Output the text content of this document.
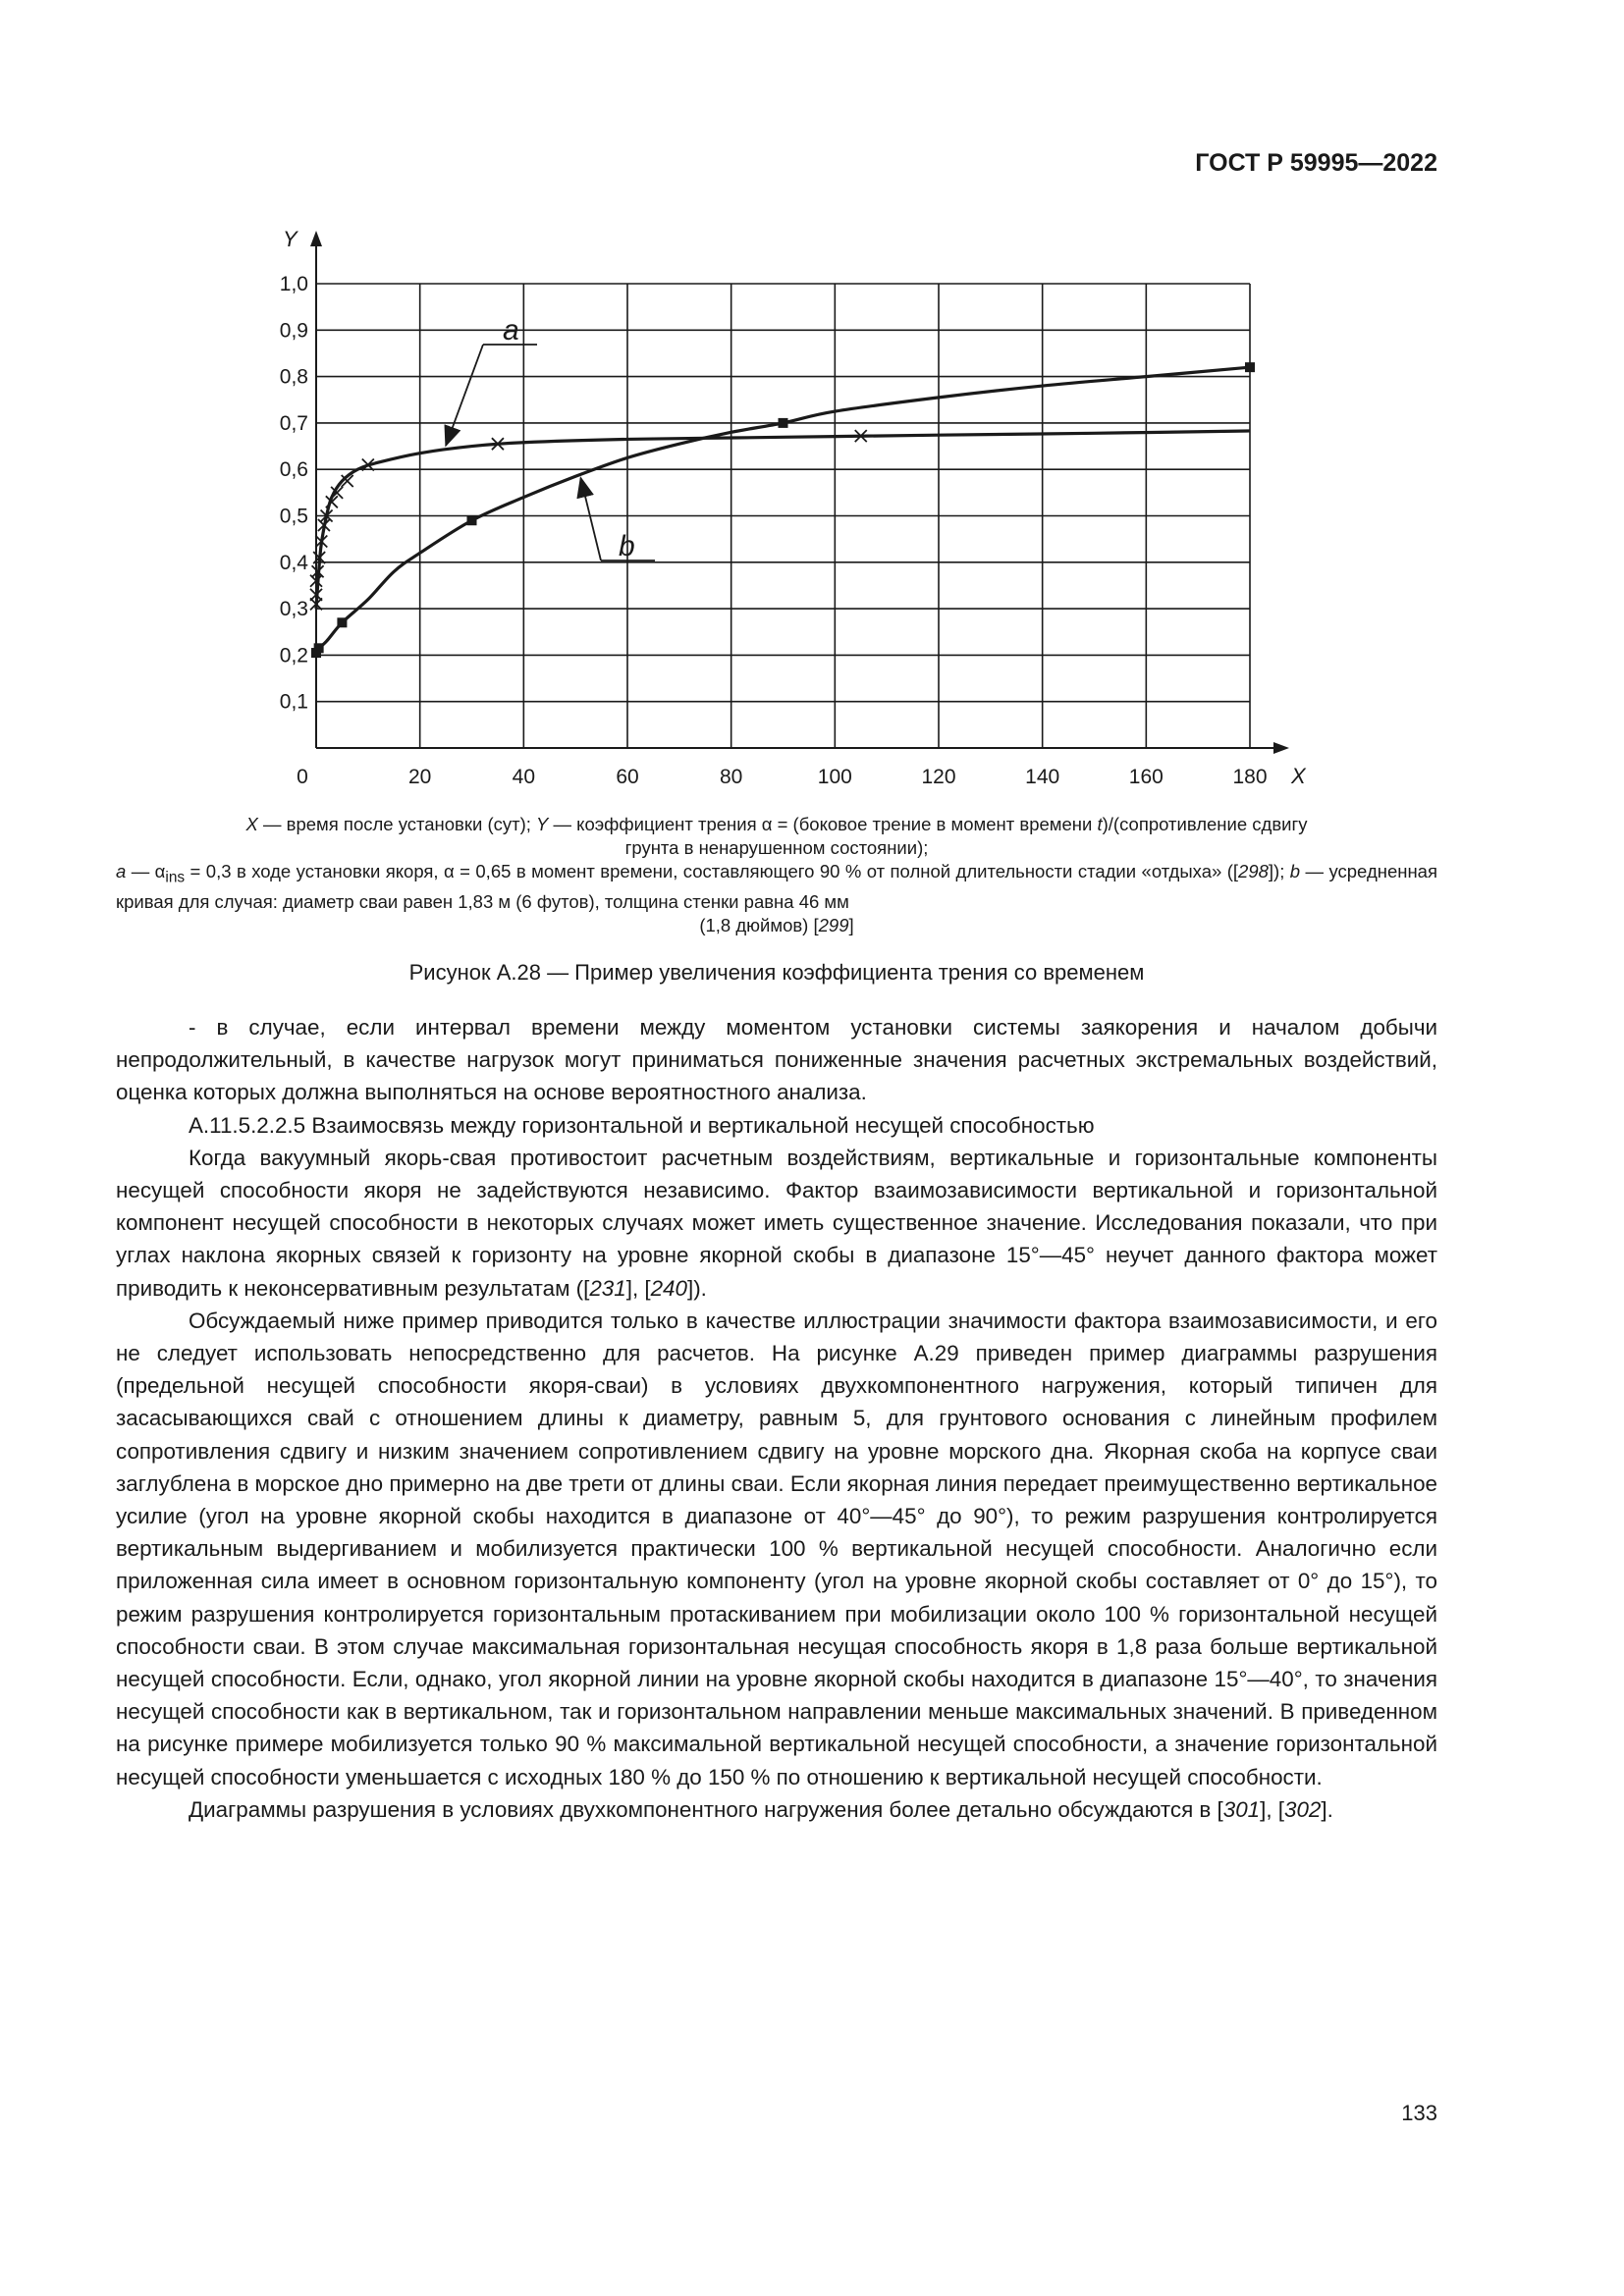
ГОСТ Р 59995—2022
0	20	40	60	80	100	120	140	160	180
0,1
0,2
0,3
0,4
0,5
0,6
0,7
0,8
0,9
1,0
X
Y
a
b
X — время после установки (сут); Y — коэффициент трения α = (боковое трение в момент времени t)/(сопротивление сдвигу
грунта в ненарушенном состоянии);
a — $\alpha_{ins} = 0,3$ в ходе установки якоря, α = 0,65 в момент времени, составляющего 90 % от полной длительности стадии «отдыха» ([298]); b — усредненная кривая для случая: диаметр сваи равен 1,83 м (6 футов), толщина стенки равна 46 мм
(1,8 дюймов) [299]
Рисунок А.28 — Пример увеличения коэффициента трения со временем

- в случае, если интервал времени между моментом установки системы заякорения и началом добычи непродолжительный, в качестве нагрузок могут приниматься пониженные значения расчетных экстремальных воздействий, оценка которых должна выполняться на основе вероятностного анализа.

А.11.5.2.2.5 Взаимосвязь между горизонтальной и вертикальной несущей способностью

Когда вакуумный якорь-свая противостоит расчетным воздействиям, вертикальные и горизонтальные компоненты несущей способности якоря не задействуются независимо. Фактор взаимозависимости вертикальной и горизонтальной компонент несущей способности в некоторых случаях может иметь существенное значение. Исследования показали, что при углах наклона якорных связей к горизонту на уровне якорной скобы в диапазоне 15°—45° неучет данного фактора может приводить к неконсервативным результатам ([231], [240]).

Обсуждаемый ниже пример приводится только в качестве иллюстрации значимости фактора взаимозависимости, и его не следует использовать непосредственно для расчетов. На рисунке А.29 приведен пример диаграммы разрушения (предельной несущей способности якоря-сваи) в условиях двухкомпонентного нагружения, который типичен для засасывающихся свай с отношением длины к диаметру, равным 5, для грунтового основания с линейным профилем сопротивления сдвигу и низким значением сопротивлением сдвигу на уровне морского дна. Якорная скоба на корпусе сваи заглублена в морское дно примерно на две трети от длины сваи. Если якорная линия передает преимущественно вертикальное усилие (угол на уровне якорной скобы находится в диапазоне от 40°—45° до 90°), то режим разрушения контролируется вертикальным выдергиванием и мобилизуется практически 100 % вертикальной несущей способности. Аналогично если приложенная сила имеет в основном горизонтальную компоненту (угол на уровне якорной скобы составляет от 0° до 15°), то режим разрушения контролируется горизонтальным протаскиванием при мобилизации около 100 % горизонтальной несущей способности сваи. В этом случае максимальная горизонтальная несущая способность якоря в 1,8 раза больше вертикальной несущей способности. Если, однако, угол якорной линии на уровне якорной скобы находится в диапазоне 15°—40°, то значения несущей способности как в вертикальном, так и горизонтальном направлении меньше максимальных значений. В приведенном на рисунке примере мобилизуется только 90 % максимальной вертикальной несущей способности, а значение горизонтальной несущей способности уменьшается с исходных 180 % до 150 % по отношению к вертикальной несущей способности.

Диаграммы разрушения в условиях двухкомпонентного нагружения более детально обсуждаются в [301], [302].

133
